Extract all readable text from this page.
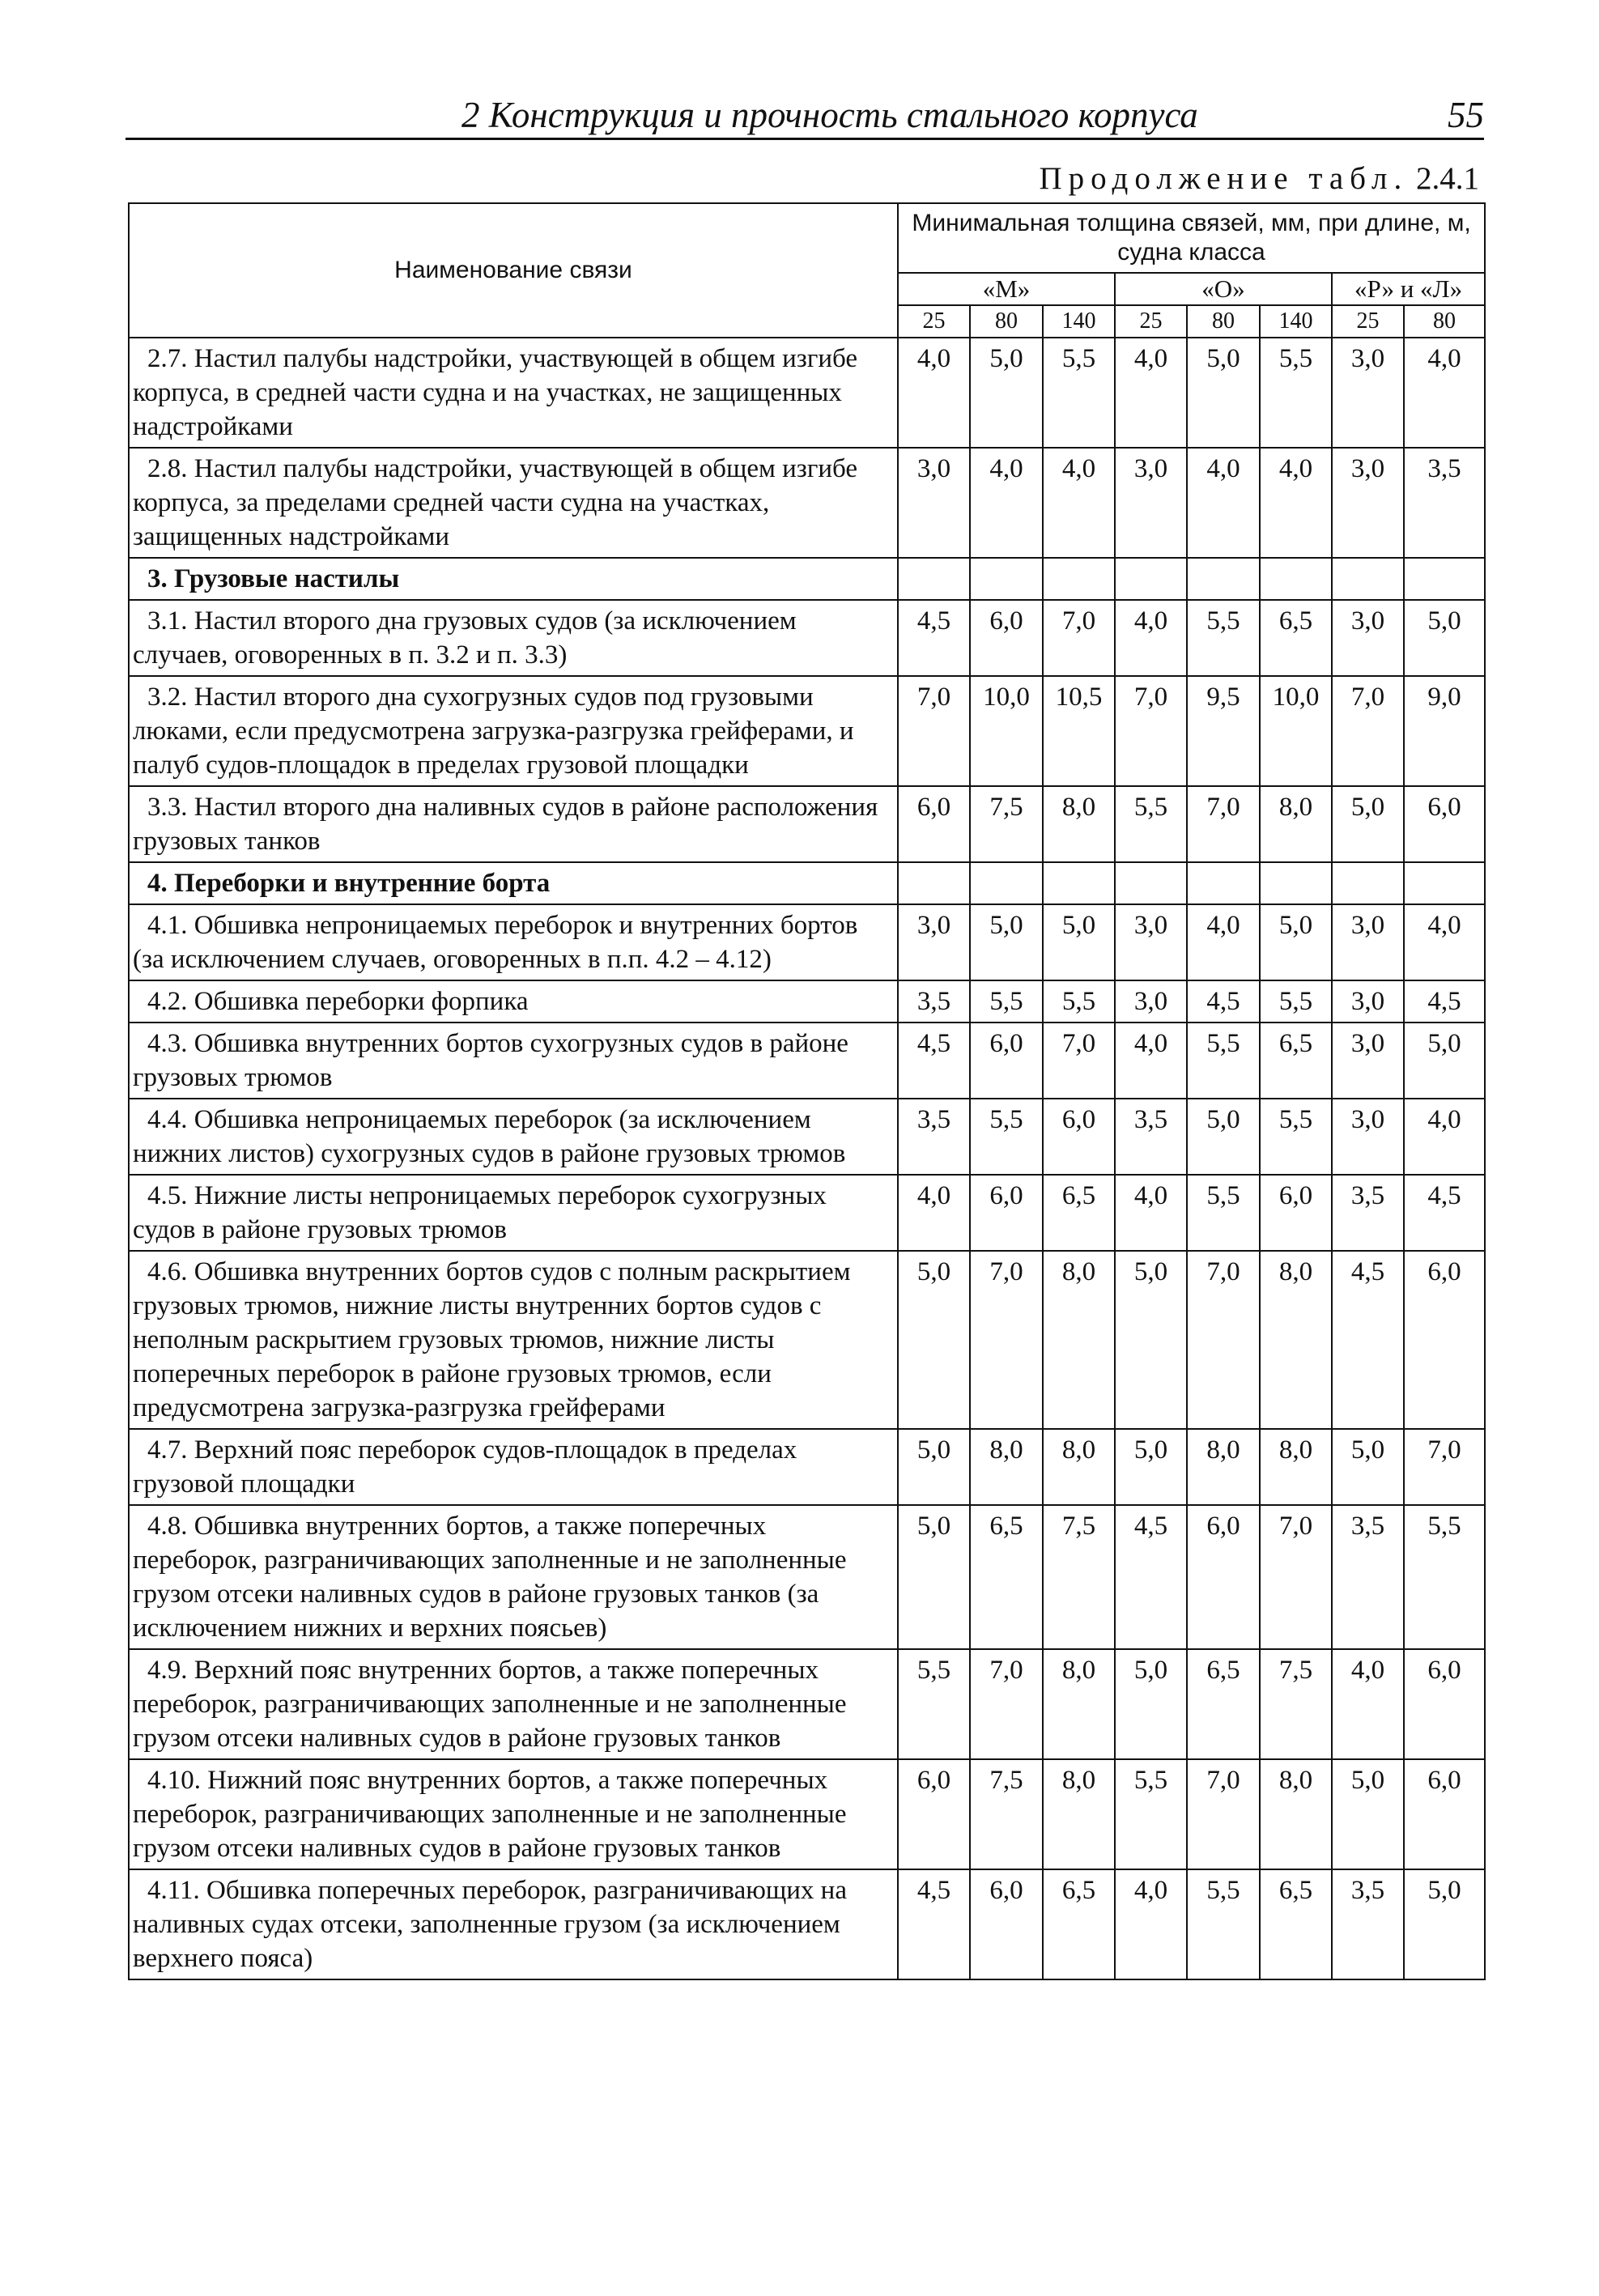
2 Конструкция и прочность стального корпуса	55
Продолжение табл. 2.4.1
Наименование связи	Минимальная толщина связей, мм, при длине, м, судна класса							
	«М»			«О»			«Р» и «Л»	
	25	80	140	25	80	140	25	80
2.7. Настил палубы надстройки, участвующей в общем изгибе корпуса, в средней части судна и на участках, не защищенных надстройками	4,0	5,0	5,5	4,0	5,0	5,5	3,0	4,0
2.8. Настил палубы надстройки, участвующей в общем изгибе корпуса, за пределами средней части судна на участках, защищенных надстройками	3,0	4,0	4,0	3,0	4,0	4,0	3,0	3,5
3. Грузовые настилы								
3.1. Настил второго дна грузовых судов (за исключением случаев, оговоренных в п. 3.2 и п. 3.3)	4,5	6,0	7,0	4,0	5,5	6,5	3,0	5,0
3.2. Настил второго дна сухогрузных судов под грузовыми люками, если предусмотрена загрузка-разгрузка грейферами, и палуб судов-площадок в пределах грузовой площадки	7,0	10,0	10,5	7,0	9,5	10,0	7,0	9,0
3.3. Настил второго дна наливных судов в районе расположения грузовых танков	6,0	7,5	8,0	5,5	7,0	8,0	5,0	6,0
4. Переборки и внутренние борта								
4.1. Обшивка непроницаемых переборок и внутренних бортов (за исключением случаев, оговоренных в п.п. 4.2 – 4.12)	3,0	5,0	5,0	3,0	4,0	5,0	3,0	4,0
4.2. Обшивка переборки форпика	3,5	5,5	5,5	3,0	4,5	5,5	3,0	4,5
4.3. Обшивка внутренних бортов сухогрузных судов в районе грузовых трюмов	4,5	6,0	7,0	4,0	5,5	6,5	3,0	5,0
4.4. Обшивка непроницаемых переборок (за исключением нижних листов) сухогрузных судов в районе грузовых трюмов	3,5	5,5	6,0	3,5	5,0	5,5	3,0	4,0
4.5. Нижние листы непроницаемых переборок сухогрузных судов в районе грузовых трюмов	4,0	6,0	6,5	4,0	5,5	6,0	3,5	4,5
4.6. Обшивка внутренних бортов судов с полным раскрытием грузовых трюмов, нижние листы внутренних бортов судов с неполным раскрытием грузовых трюмов, нижние листы поперечных переборок в районе грузовых трюмов, если предусмотрена загрузка-разгрузка грейферами	5,0	7,0	8,0	5,0	7,0	8,0	4,5	6,0
4.7. Верхний пояс переборок судов-площадок в пределах грузовой площадки	5,0	8,0	8,0	5,0	8,0	8,0	5,0	7,0
4.8. Обшивка внутренних бортов, а также поперечных переборок, разграничивающих заполненные и не заполненные грузом отсеки наливных судов в районе грузовых танков (за исключением нижних и верхних поясьев)	5,0	6,5	7,5	4,5	6,0	7,0	3,5	5,5
4.9. Верхний пояс внутренних бортов, а также поперечных переборок, разграничивающих заполненные и не заполненные грузом отсеки наливных судов в районе грузовых танков	5,5	7,0	8,0	5,0	6,5	7,5	4,0	6,0
4.10. Нижний пояс внутренних бортов, а также поперечных переборок, разграничивающих заполненные и не заполненные грузом отсеки наливных судов в районе грузовых танков	6,0	7,5	8,0	5,5	7,0	8,0	5,0	6,0
4.11. Обшивка поперечных переборок, разграничивающих на наливных судах отсеки, заполненные грузом (за исключением верхнего пояса)	4,5	6,0	6,5	4,0	5,5	6,5	3,5	5,0
